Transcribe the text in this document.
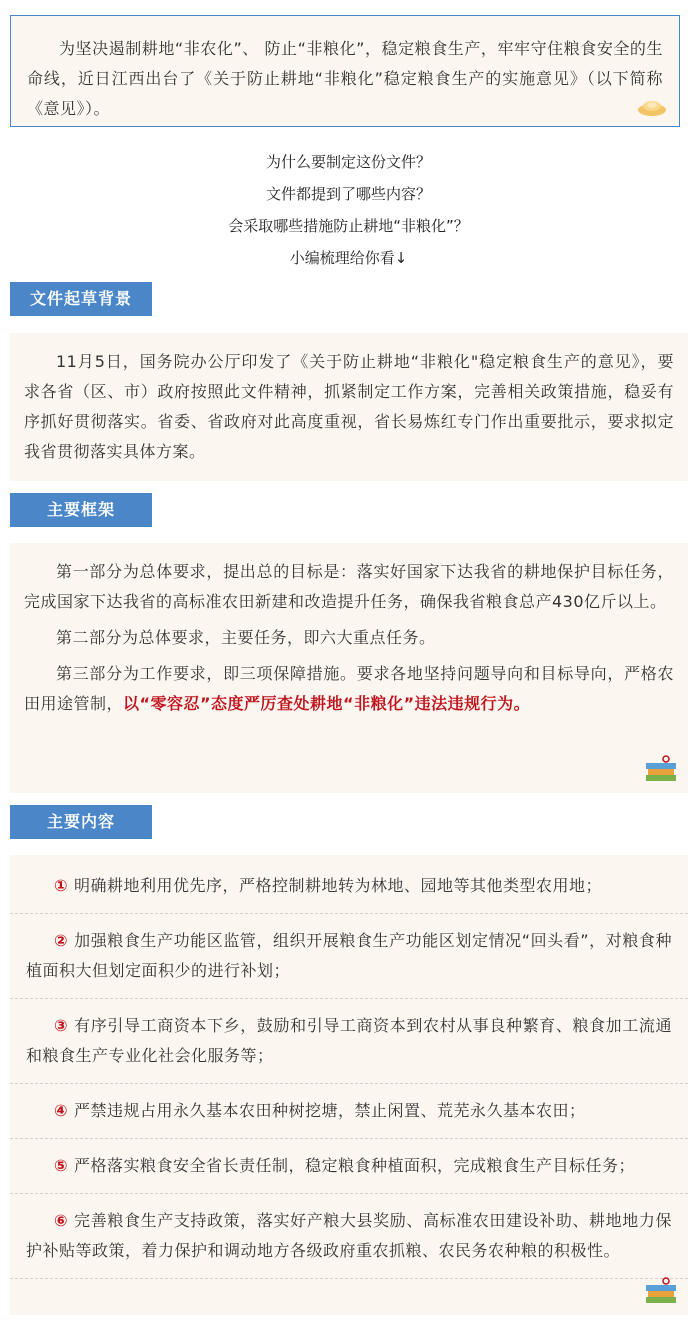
为坚决遏制耕地“非农化”、 防止“非粮化”，稳定粮食生产，牢牢守住粮食安全的生命线，近日江西出台了《关于防止耕地“非粮化”稳定粮食生产的实施意见》（以下简称《意见》）。

为什么要制定这份文件？

文件都提到了哪些内容？

会采取哪些措施防止耕地“非粮化”？

小编梳理给你看↓

文件起草背景

11月5日，国务院办公厅印发了《关于防止耕地“非粮化"稳定粮食生产的意见》，要求各省（区、市）政府按照此文件精神，抓紧制定工作方案，完善相关政策措施，稳妥有序抓好贯彻落实。省委、省政府对此高度重视，省长易炼红专门作出重要批示，要求拟定我省贯彻落实具体方案。

主要框架

第一部分为总体要求，提出总的目标是：落实好国家下达我省的耕地保护目标任务，完成国家下达我省的高标准农田新建和改造提升任务，确保我省粮食总产430亿斤以上。

第二部分为总体要求，主要任务，即六大重点任务。

第三部分为工作要求，即三项保障措施。要求各地坚持问题导向和目标导向，严格农田用途管制，以“零容忍”态度严厉查处耕地“非粮化”违法违规行为。

主要内容
① 明确耕地利用优先序，严格控制耕地转为林地、园地等其他类型农用地；
② 加强粮食生产功能区监管，组织开展粮食生产功能区划定情况“回头看”，对粮食种植面积大但划定面积少的进行补划；
③ 有序引导工商资本下乡，鼓励和引导工商资本到农村从事良种繁育、粮食加工流通和粮食生产专业化社会化服务等；
④ 严禁违规占用永久基本农田种树挖塘，禁止闲置、荒芜永久基本农田；
⑤ 严格落实粮食安全省长责任制，稳定粮食种植面积，完成粮食生产目标任务；
⑥ 完善粮食生产支持政策，落实好产粮大县奖励、高标准农田建设补助、耕地地力保护补贴等政策，着力保护和调动地方各级政府重农抓粮、农民务农种粮的积极性。
